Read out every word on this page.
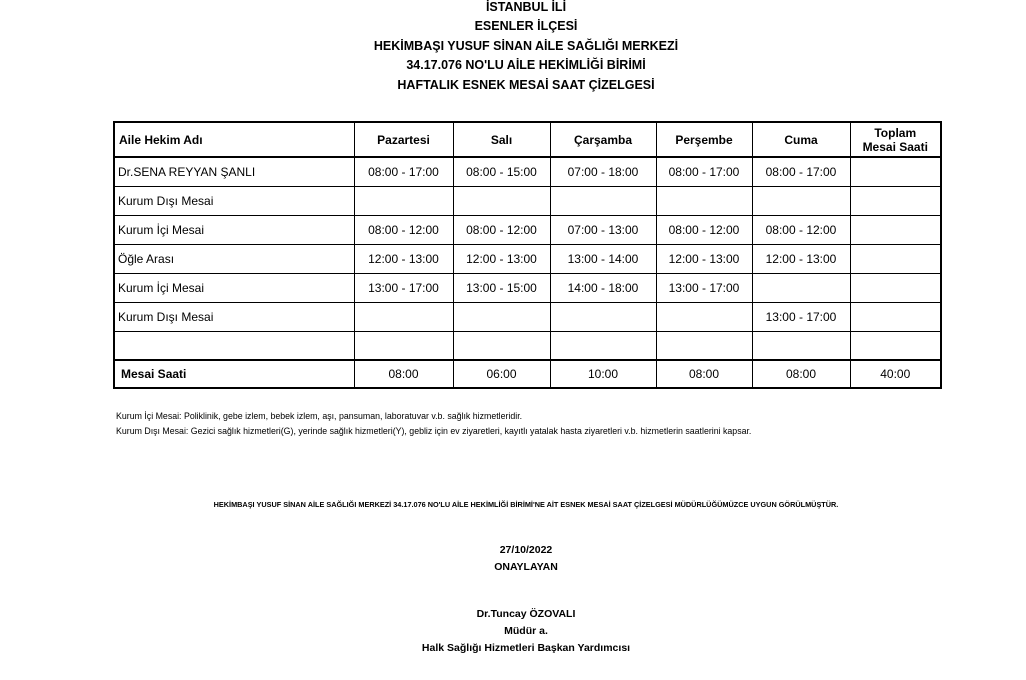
İSTANBUL İLİ
ESENLER İLÇESİ
HEKİMBAŞI YUSUF SİNAN AİLE SAĞLIĞI MERKEZİ
34.17.076 NO'LU AİLE HEKİMLİĞİ BİRİMİ
HAFTALIK ESNEK MESAİ SAAT ÇİZELGESİ
Aile Hekim Adı	Pazartesi	Salı	Çarşamba	Perşembe	Cuma	Toplam
Mesai Saati
Dr.SENA REYYAN ŞANLI	08:00 - 17:00	08:00 - 15:00	07:00 - 18:00	08:00 - 17:00	08:00 - 17:00	
Kurum Dışı Mesai						
Kurum İçi Mesai	08:00 - 12:00	08:00 - 12:00	07:00 - 13:00	08:00 - 12:00	08:00 - 12:00	
Öğle Arası	12:00 - 13:00	12:00 - 13:00	13:00 - 14:00	12:00 - 13:00	12:00 - 13:00	
Kurum İçi Mesai	13:00 - 17:00	13:00 - 15:00	14:00 - 18:00	13:00 - 17:00		
Kurum Dışı Mesai					13:00 - 17:00	

Mesai Saati	08:00	06:00	10:00	08:00	08:00	40:00
Kurum İçi Mesai: Poliklinik, gebe izlem, bebek izlem, aşı, pansuman, laboratuvar v.b. sağlık hizmetleridir.
Kurum Dışı Mesai: Gezici sağlık hizmetleri(G), yerinde sağlık hizmetleri(Y), gebliz için ev ziyaretleri, kayıtlı yatalak hasta ziyaretleri v.b. hizmetlerin saatlerini kapsar.
HEKİMBAŞI YUSUF SİNAN AİLE SAĞLIĞI MERKEZİ 34.17.076 NO'LU AİLE HEKİMLİĞİ BİRİMİ'NE AİT ESNEK MESAİ SAAT ÇİZELGESİ MÜDÜRLÜĞÜMÜZCE UYGUN GÖRÜLMÜŞTÜR.
27/10/2022
ONAYLAYAN
Dr.Tuncay ÖZOVALI
Müdür a.
Halk Sağlığı Hizmetleri Başkan Yardımcısı
